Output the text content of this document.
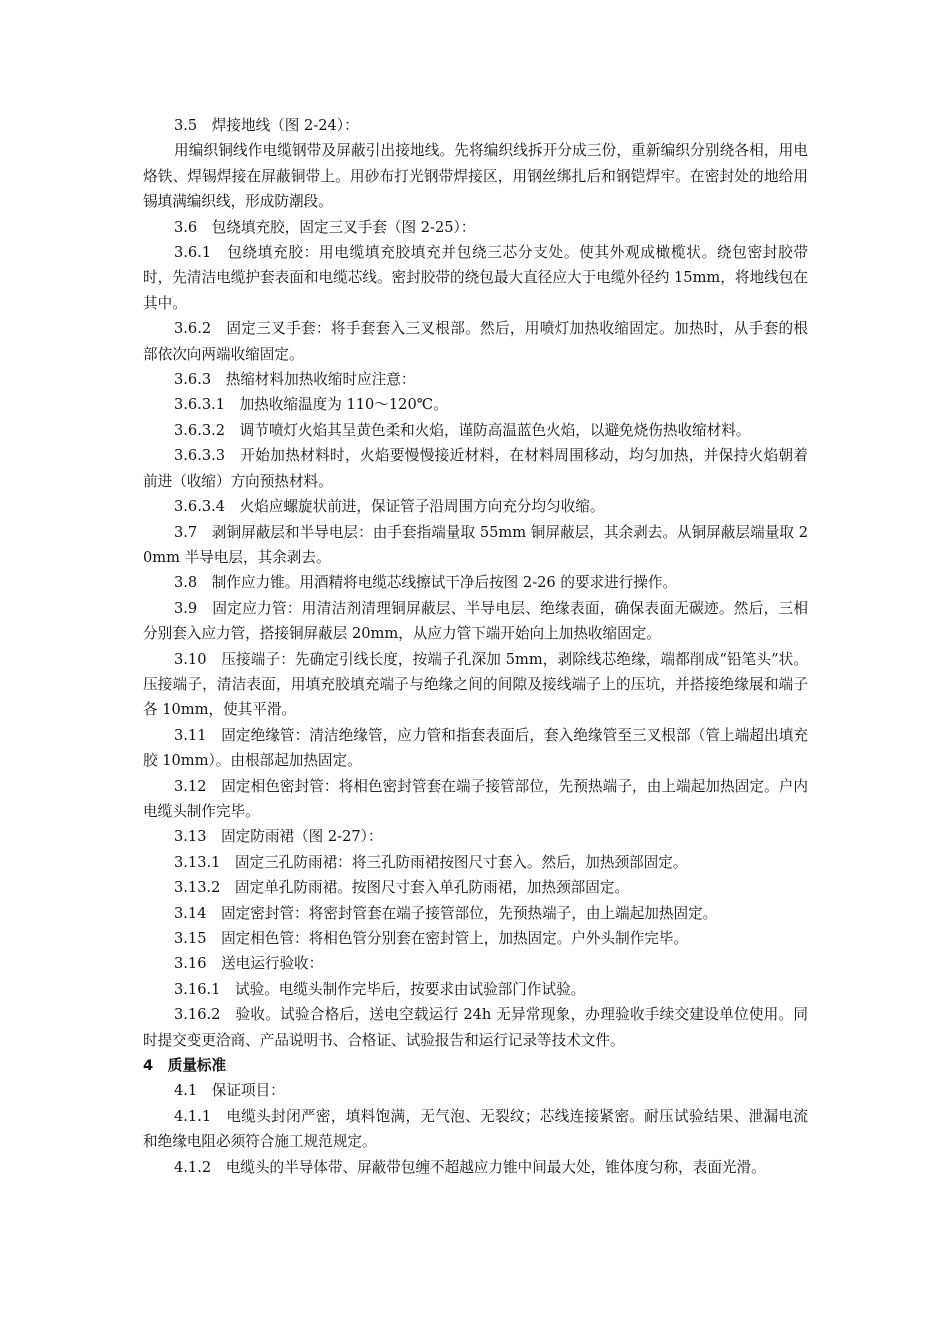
3.5　焊接地线（图 2-24）：

用编织铜线作电缆钢带及屏蔽引出接地线。先将编织线拆开分成三份，重新编织分别绕各相，用电烙铁、焊锡焊接在屏蔽铜带上。用砂布打光钢带焊接区，用钢丝绑扎后和钢铠焊牢。在密封处的地给用锡填满编织线，形成防潮段。

3.6　包绕填充胶，固定三叉手套（图 2-25）：

3.6.1　包绕填充胶：用电缆填充胶填充并包绕三芯分支处。使其外观成橄榄状。绕包密封胶带时，先清洁电缆护套表面和电缆芯线。密封胶带的绕包最大直径应大于电缆外径约 15mm，将地线包在其中。

3.6.2　固定三叉手套：将手套套入三叉根部。然后，用喷灯加热收缩固定。加热时，从手套的根部依次向两端收缩固定。

3.6.3　热缩材料加热收缩时应注意：

3.6.3.1　加热收缩温度为 110～120℃。

3.6.3.2　调节喷灯火焰其呈黄色柔和火焰，谨防高温蓝色火焰，以避免烧伤热收缩材料。

3.6.3.3　开始加热材料时，火焰要慢慢接近材料，在材料周围移动，均匀加热，并保持火焰朝着前进（收缩）方向预热材料。

3.6.3.4　火焰应螺旋状前进，保证管子沿周围方向充分均匀收缩。

3.7　剥铜屏蔽层和半导电层：由手套指端量取 55mm 铜屏蔽层，其余剥去。从铜屏蔽层端量取 20mm 半导电层，其余剥去。

3.8　制作应力锥。用酒精将电缆芯线擦试干净后按图 2-26 的要求进行操作。

3.9　固定应力管：用清洁剂清理铜屏蔽层、半导电层、绝缘表面，确保表面无碳迹。然后，三相分别套入应力管，搭接铜屏蔽层 20mm，从应力管下端开始向上加热收缩固定。

3.10　压接端子：先确定引线长度，按端子孔深加 5mm，剥除线芯绝缘，端都削成“铅笔头”状。压接端子，清洁表面，用填充胶填充端子与绝缘之间的间隙及接线端子上的压坑，并搭接绝缘展和端子各 10mm，使其平滑。

3.11　固定绝缘管：清洁绝缘管，应力管和指套表面后，套入绝缘管至三叉根部（管上端超出填充胶 10mm）。由根部起加热固定。

3.12　固定相色密封管：将相色密封管套在端子接管部位，先预热端子，由上端起加热固定。户内电缆头制作完毕。

3.13　固定防雨裙（图 2-27）：

3.13.1　固定三孔防雨裙：将三孔防雨裙按图尺寸套入。然后，加热颈部固定。

3.13.2　固定单孔防雨裙。按图尺寸套入单孔防雨裙，加热颈部固定。

3.14　固定密封管：将密封管套在端子接管部位，先预热端子，由上端起加热固定。

3.15　固定相色管：将相色管分别套在密封管上，加热固定。户外头制作完毕。

3.16　送电运行验收：

3.16.1　试验。电缆头制作完毕后，按要求由试验部门作试验。

3.16.2　验收。试验合格后，送电空载运行 24h 无异常现象，办理验收手续交建设单位使用。同时提交变更洽商、产品说明书、合格证、试验报告和运行记录等技术文件。

4　质量标准

4.1　保证项目：

4.1.1　电缆头封闭严密，填料饱满，无气泡、无裂纹；芯线连接紧密。耐压试验结果、泄漏电流和绝缘电阻必须符合施工规范规定。

4.1.2　电缆头的半导体带、屏蔽带包缠不超越应力锥中间最大处，锥体度匀称，表面光滑。
